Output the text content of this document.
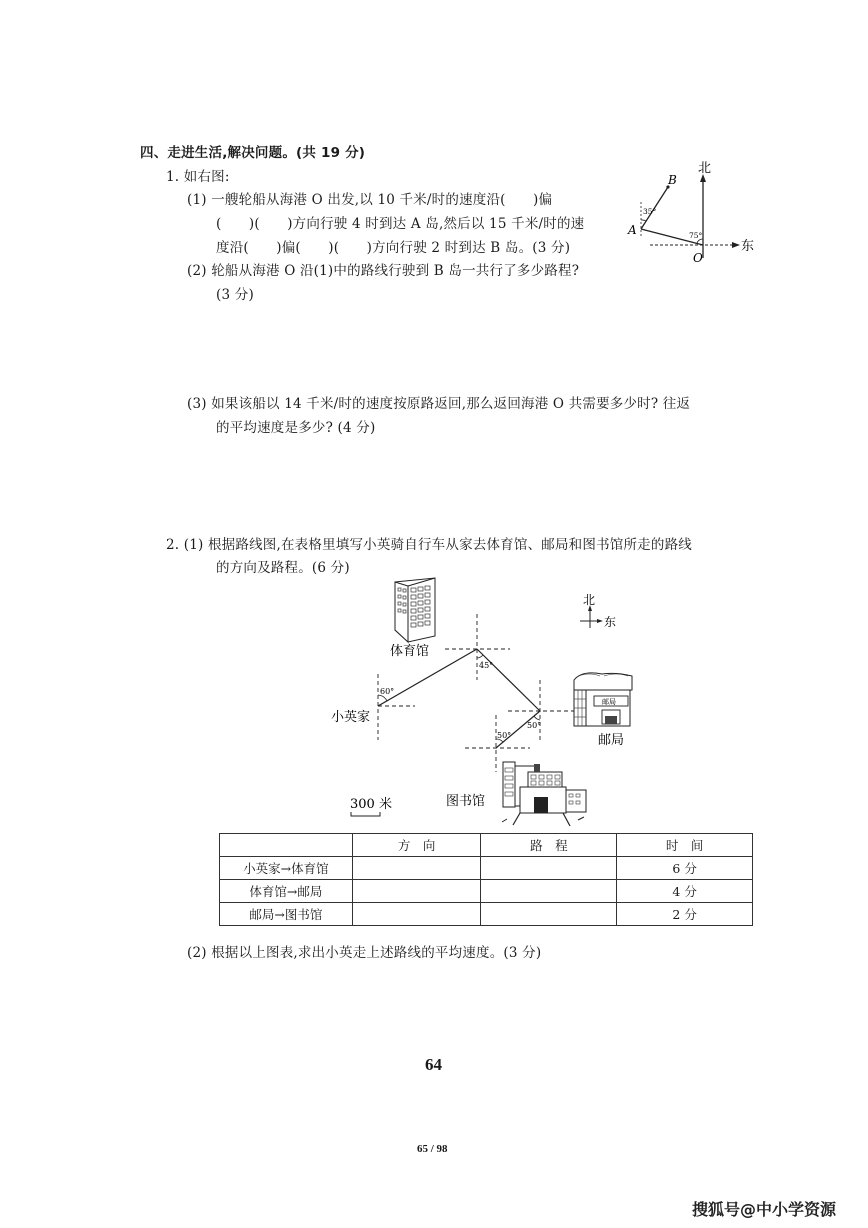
四、走进生活,解决问题。(共 19 分)
1. 如右图:
(1) 一艘轮船从海港 O 出发,以 10 千米/时的速度沿(　　)偏
(　　)(　　)方向行驶 4 时到达 A 岛,然后以 15 千米/时的速
度沿(　　)偏(　　)(　　)方向行驶 2 时到达 B 岛。(3 分)
(2) 轮船从海港 O 沿(1)中的路线行驶到 B 岛一共行了多少路程?
(3 分)
(3) 如果该船以 14 千米/时的速度按原路返回,那么返回海港 O 共需要多少时? 往返
的平均速度是多少? (4 分)
北
东
B
A
O
35°
75°
2. (1) 根据路线图,在表格里填写小英骑自行车从家去体育馆、邮局和图书馆所走的路线
的方向及路程。(6 分)
体育馆
北
东
60°
45°
50°
50°
小英家
邮局
邮局
图书馆
300 米
	方　向	路　程	时　间
小英家→体育馆			6 分
体育馆→邮局			4 分
邮局→图书馆			2 分
(2) 根据以上图表,求出小英走上述路线的平均速度。(3 分)
64
65 / 98
搜狐号@中小学资源
